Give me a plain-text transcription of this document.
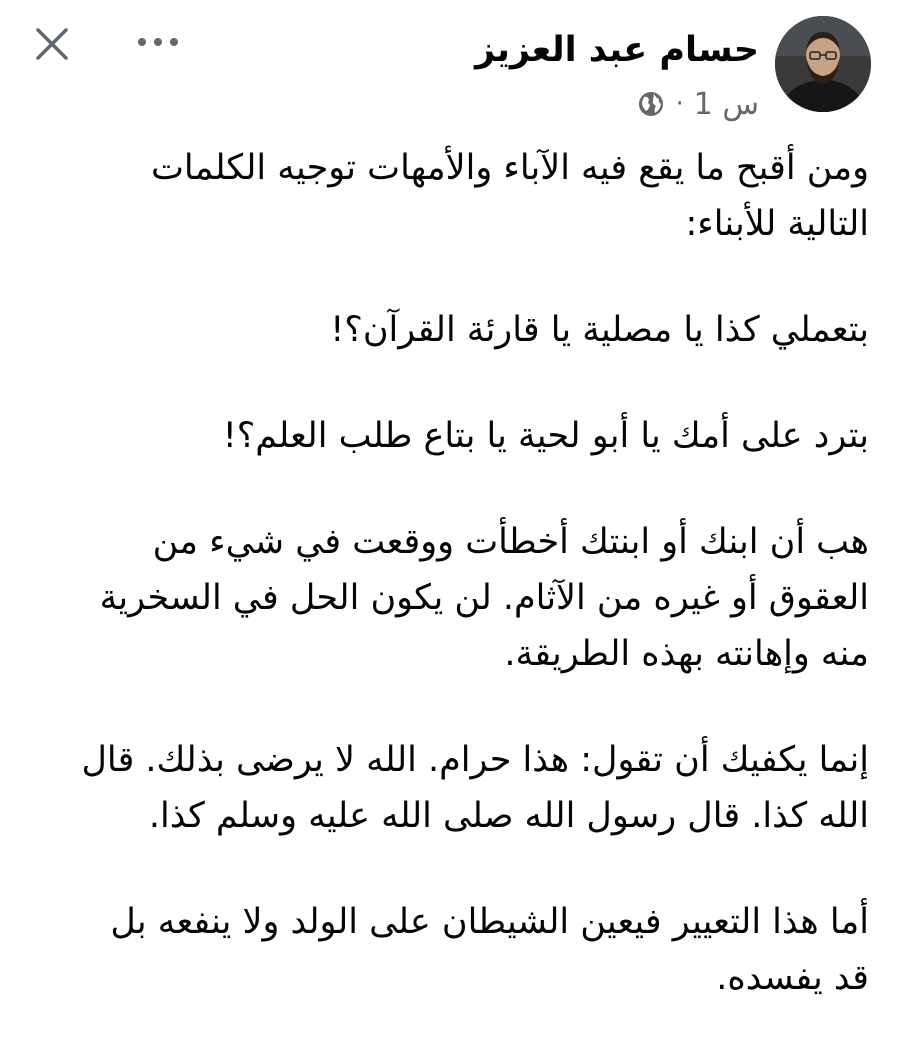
حسام عبد العزيز
1 س
·

ومن أقبح ما يقع فيه الآباء والأمهات توجيه الكلمات
التالية للأبناء:

بتعملي كذا يا مصلية يا قارئة القرآن؟!

بترد على أمك يا أبو لحية يا بتاع طلب العلم؟!

هب أن ابنك أو ابنتك أخطأت ووقعت في شيء من
العقوق أو غيره من الآثام. لن يكون الحل في السخرية
منه وإهانته بهذه الطريقة.

إنما يكفيك أن تقول: هذا حرام. الله لا يرضى بذلك. قال
الله كذا. قال رسول الله صلى الله عليه وسلم كذا.

أما هذا التعيير فيعين الشيطان على الولد ولا ينفعه بل
قد يفسده.
